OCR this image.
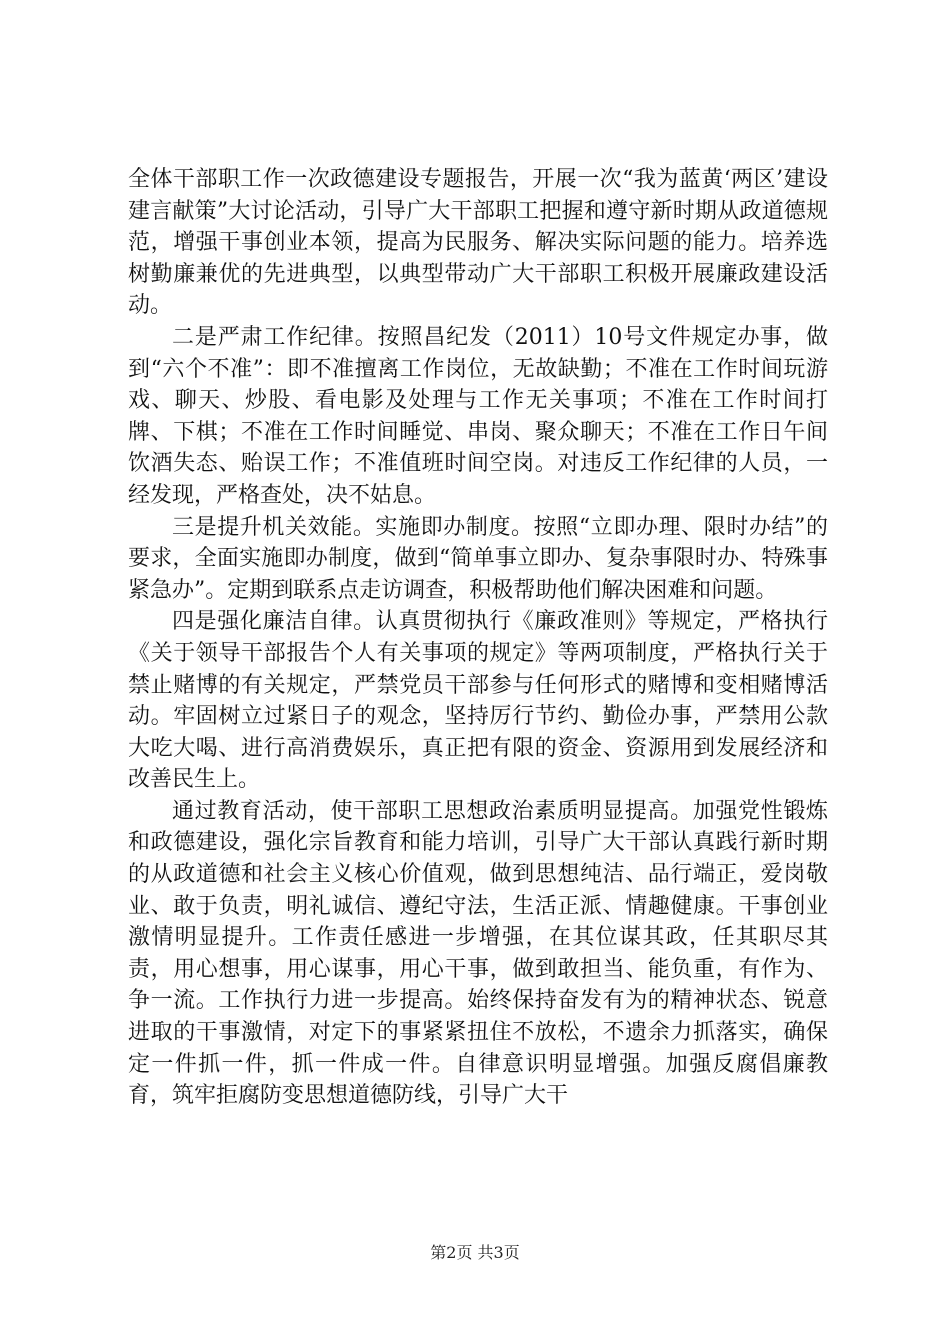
全体干部职工作一次政德建设专题报告，开展一次“我为蓝黄‘两区’建设建言献策”大讨论活动，引导广大干部职工把握和遵守新时期从政道德规范，增强干事创业本领，提高为民服务、解决实际问题的能力。培养选树勤廉兼优的先进典型，以典型带动广大干部职工积极开展廉政建设活动。

二是严肃工作纪律。按照昌纪发（2011）10号文件规定办事，做到“六个不准”：即不准擅离工作岗位，无故缺勤；不准在工作时间玩游戏、聊天、炒股、看电影及处理与工作无关事项；不准在工作时间打牌、下棋；不准在工作时间睡觉、串岗、聚众聊天；不准在工作日午间饮酒失态、贻误工作；不准值班时间空岗。对违反工作纪律的人员，一经发现，严格查处，决不姑息。

三是提升机关效能。实施即办制度。按照“立即办理、限时办结”的要求，全面实施即办制度，做到“简单事立即办、复杂事限时办、特殊事紧急办”。定期到联系点走访调查，积极帮助他们解决困难和问题。

四是强化廉洁自律。认真贯彻执行《廉政准则》等规定，严格执行《关于领导干部报告个人有关事项的规定》等两项制度，严格执行关于禁止赌博的有关规定，严禁党员干部参与任何形式的赌博和变相赌博活动。牢固树立过紧日子的观念，坚持厉行节约、勤俭办事，严禁用公款大吃大喝、进行高消费娱乐，真正把有限的资金、资源用到发展经济和改善民生上。

通过教育活动，使干部职工思想政治素质明显提高。加强党性锻炼和政德建设，强化宗旨教育和能力培训，引导广大干部认真践行新时期的从政道德和社会主义核心价值观，做到思想纯洁、品行端正，爱岗敬业、敢于负责，明礼诚信、遵纪守法，生活正派、情趣健康。干事创业激情明显提升。工作责任感进一步增强，在其位谋其政，任其职尽其责，用心想事，用心谋事，用心干事，做到敢担当、能负重，有作为、争一流。工作执行力进一步提高。始终保持奋发有为的精神状态、锐意进取的干事激情，对定下的事紧紧扭住不放松，不遗余力抓落实，确保定一件抓一件，抓一件成一件。自律意识明显增强。加强反腐倡廉教育，筑牢拒腐防变思想道德防线，引导广大干

第2页 共3页
